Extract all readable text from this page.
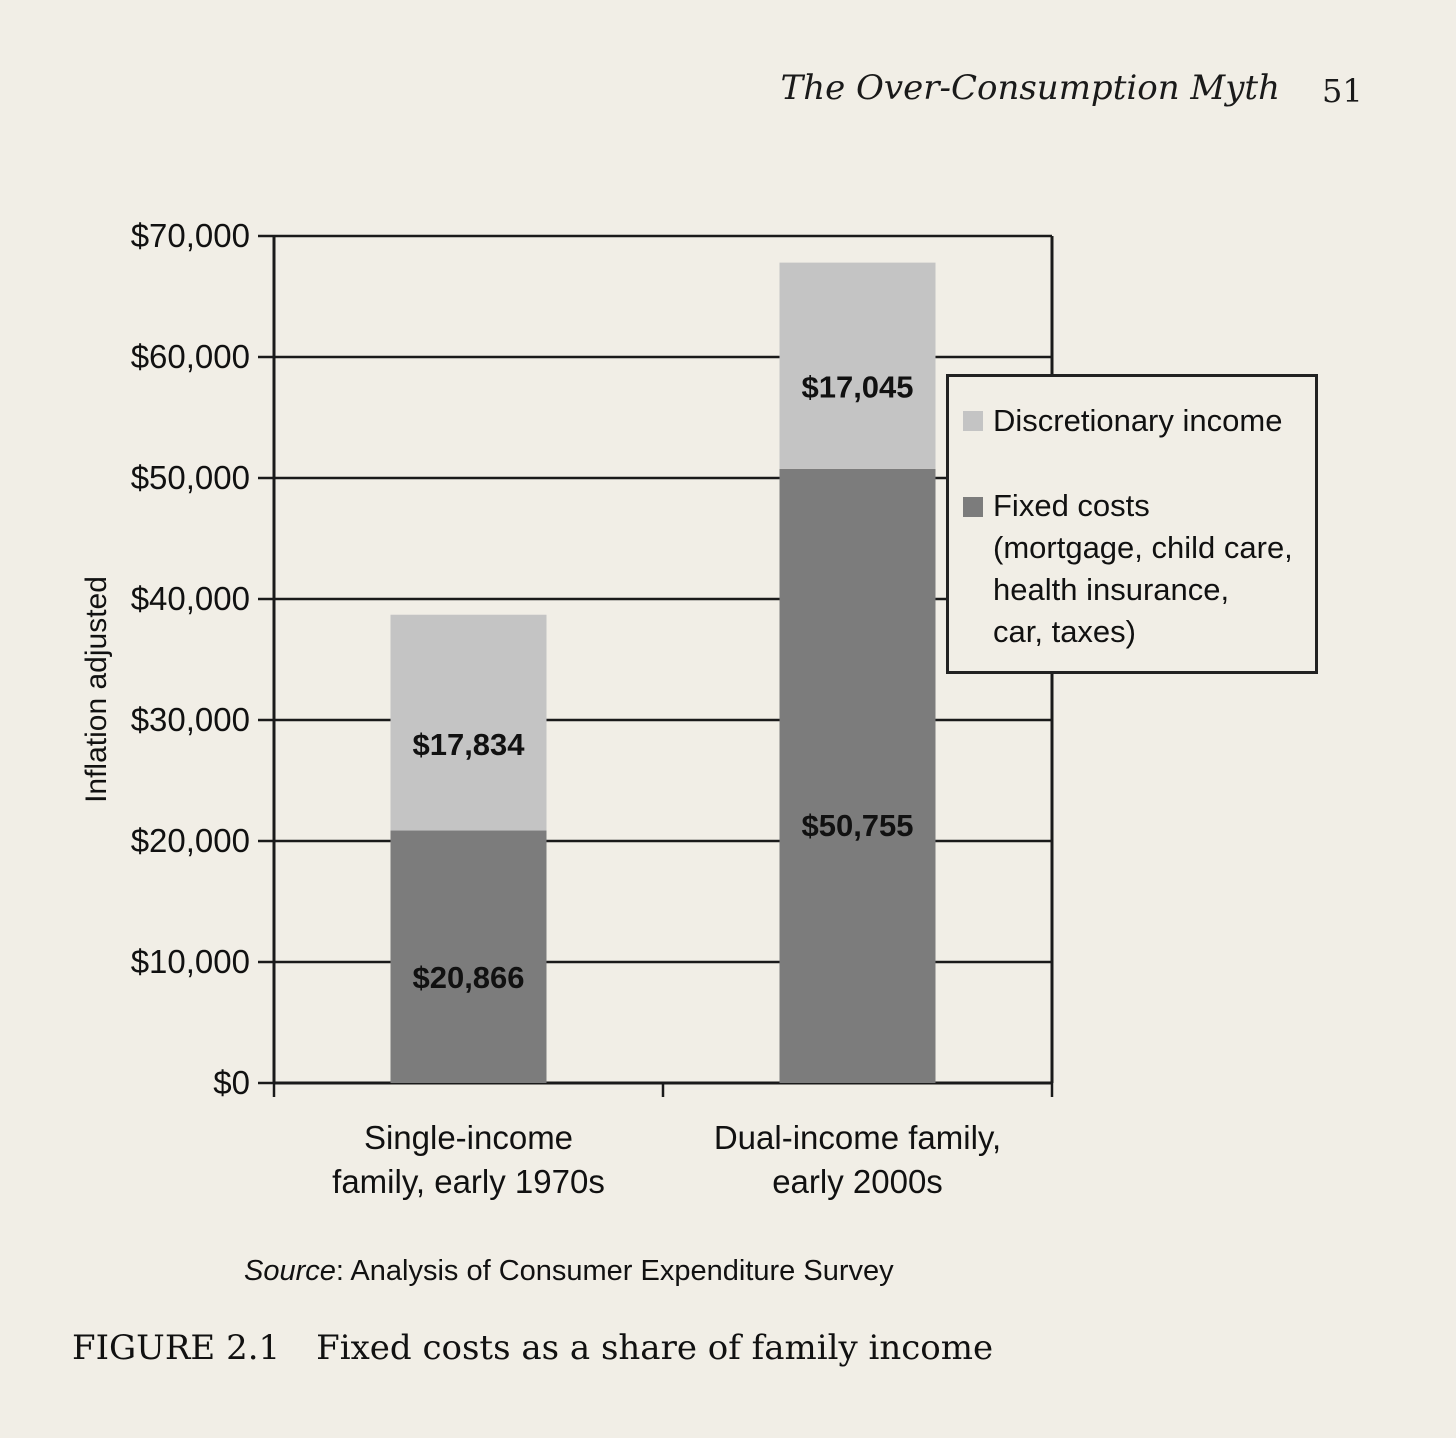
The Over-Consumption Myth 51
$0
$10,000
$20,000
$30,000
$40,000
$50,000
$60,000
$70,000
Inflation adjusted
$20,866
$17,834
Single-income
family, early 1970s
$50,755
$17,045
Dual-income family,
early 2000s
Discretionary income
Fixed costs
(mortgage, child care,
health insurance,
car, taxes)
Source: Analysis of Consumer Expenditure Survey
FIGURE 2.1 Fixed costs as a share of family income
